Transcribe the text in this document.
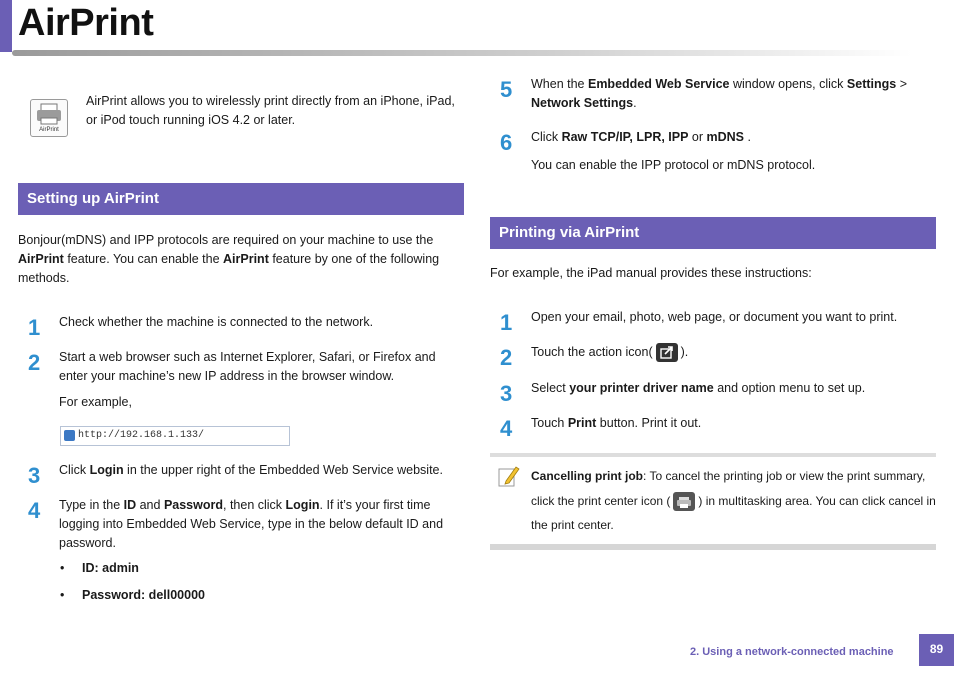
AirPrint
AirPrint
AirPrint allows you to wirelessly print directly from an iPhone, iPad, or iPod touch running iOS 4.2 or later.
Setting up AirPrint
Bonjour(mDNS) and IPP protocols are required on your machine to use the AirPrint feature. You can enable the AirPrint feature by one of the following methods.
1 Check whether the machine is connected to the network.
2 Start a web browser such as Internet Explorer, Safari, or Firefox and enter your machine’s new IP address in the browser window.
For example,
http://192.168.1.133/
3 Click Login in the upper right of the Embedded Web Service website.
4 Type in the ID and Password, then click Login. If it’s your first time logging into Embedded Web Service, type in the below default ID and password.
• ID: admin
• Password: dell00000
5 When the Embedded Web Service window opens, click Settings > Network Settings.
6 Click Raw TCP/IP, LPR, IPP or mDNS .
You can enable the IPP protocol or mDNS protocol.
Printing via AirPrint
For example, the iPad manual provides these instructions:
1 Open your email, photo, web page, or document you want to print.
2 Touch the action icon( ).
3 Select your printer driver name and option menu to set up.
4 Touch Print button. Print it out.
Cancelling print job: To cancel the printing job or view the print summary, click the print center icon ( ) in multitasking area. You can click cancel in the print center.
2. Using a network-connected machine	89
